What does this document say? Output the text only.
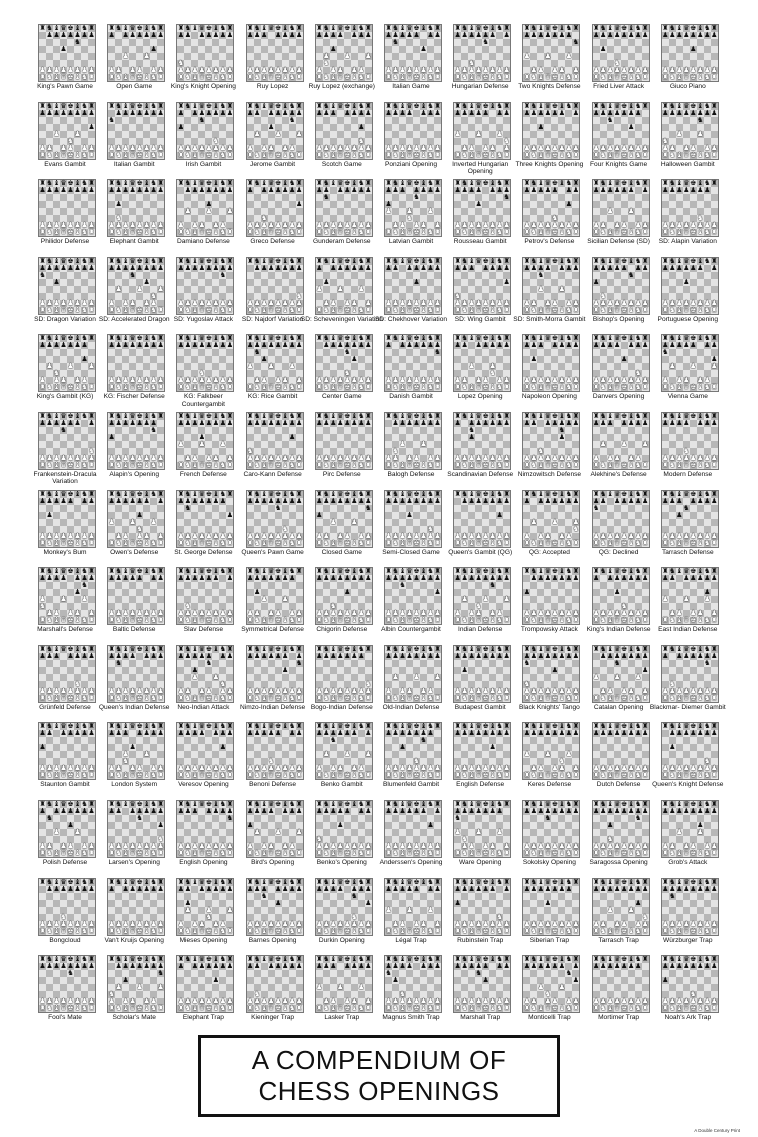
♜ ♞ ♝ ♛ ♚ ♝ ♞ ♜
♟ ♟ ♟ ♟ ♟ ♟ ♟
♞
♟
♟ ♟ ♟ ♟ ♟ ♟ ♟ ♟
♜ ♞ ♝ ♛ ♚ ♝ ♞ ♜
King's Pawn Game
♜ ♞ ♝ ♛ ♚ ♝ ♞ ♜
♟ ♟ ♟ ♟ ♟ ♟ ♟
♟
♟ ♟
♟ ♟ ♟ ♟ ♟ ♟
♜ ♞ ♝ ♛ ♚ ♝ ♞ ♜
Open Game
♜ ♞ ♝ ♛ ♚ ♝ ♞ ♜
♟ ♟ ♟ ♟ ♟ ♟ ♟
♞
♟ ♟ ♟ ♟ ♟ ♟ ♟ ♟
♜ ♞ ♝ ♛ ♚ ♝ ♞ ♜
King's Knight Opening
♜ ♞ ♝ ♛ ♚ ♝ ♞ ♜
♟ ♟ ♟ ♟ ♟ ♟ ♟
♟ ♟ ♟ ♟ ♟ ♟ ♟ ♟
♜ ♞ ♝ ♛ ♚ ♝ ♞ ♜
Ruy Lopez
♜ ♞ ♝ ♛ ♚ ♝ ♞ ♜
♟ ♟ ♟ ♟ ♟ ♟ ♟
♟
♟ ♟ ♟
♞
♟ ♟ ♟ ♟ ♟
♜ ♞ ♝ ♛ ♚ ♝ ♞ ♜
Ruy Lopez (exchange)
♜ ♞ ♝ ♛ ♚ ♝ ♞ ♜
♟ ♟ ♟ ♟ ♟ ♟ ♟
♞
♟
♟ ♟ ♟ ♟ ♟ ♟ ♟ ♟
♜ ♞ ♝ ♛ ♚ ♝ ♞ ♜
Italian Game
♜ ♞ ♝ ♛ ♚ ♝ ♞ ♜
♟ ♟ ♟ ♟ ♟ ♟ ♟
♞
♞
♟ ♟ ♟ ♟ ♟ ♟ ♟ ♟
♜ ♞ ♝ ♛ ♚ ♝ ♞ ♜
Hungarian Defense
♜ ♞ ♝ ♛ ♚ ♝ ♞ ♜
♟ ♟ ♟ ♟ ♟ ♟ ♟
♞
♟ ♟ ♟
♟ ♟ ♟ ♟ ♟
♜ ♞ ♝ ♛ ♚ ♝ ♞ ♜
Two Knights Defense
♜ ♞ ♝ ♛ ♚ ♝ ♞ ♜
♟ ♟ ♟ ♟ ♟ ♟ ♟ ♟
♟
♞
♟ ♟ ♟ ♟ ♟ ♟ ♟ ♟
♜ ♞ ♝ ♛ ♚ ♝ ♞ ♜
Fried Liver Attack
♜ ♞ ♝ ♛ ♚ ♝ ♞ ♜
♟ ♟ ♟ ♟ ♟ ♟ ♟ ♟
♟
♟ ♟ ♟ ♟ ♟ ♟ ♟ ♟
♜ ♞ ♝ ♛ ♚ ♝ ♞ ♜
Giuco Piano
♜ ♞ ♝ ♛ ♚ ♝ ♞ ♜
♟ ♟ ♟ ♟ ♟ ♟ ♟ ♟
♟
♟ ♟
♞
♟ ♟ ♟ ♟ ♟ ♟
♜ ♞ ♝ ♛ ♚ ♝ ♞ ♜
Evans Gambit
♜ ♞ ♝ ♛ ♚ ♝ ♞ ♜
♟ ♟ ♟ ♟ ♟ ♟ ♟
♞
♟ ♟ ♟ ♟ ♟ ♟ ♟ ♟
♜ ♞ ♝ ♛ ♚ ♝ ♞ ♜
Italian Gambit
♜ ♞ ♝ ♛ ♚ ♝ ♞ ♜
♟ ♟ ♟ ♟ ♟ ♟ ♟
♞
♟
♞
♟ ♟ ♟ ♟ ♟ ♟ ♟ ♟
♜ ♞ ♝ ♛ ♚ ♝ ♞ ♜
Irish Gambit
♜ ♞ ♝ ♛ ♚ ♝ ♞ ♜
♟ ♟ ♟ ♟ ♟ ♟ ♟
♞
♟
♟ ♟ ♟
♟ ♟ ♟ ♟ ♟
♜ ♞ ♝ ♛ ♚ ♝ ♞ ♜
Jerome Gambit
♜ ♞ ♝ ♛ ♚ ♝ ♞ ♜
♟ ♟ ♟ ♟ ♟ ♟ ♟
♟
♞
♟ ♟ ♟ ♟ ♟ ♟ ♟ ♟
♜ ♞ ♝ ♛ ♚ ♝ ♞ ♜
Scotch Game
♜ ♞ ♝ ♛ ♚ ♝ ♞ ♜
♟ ♟ ♟ ♟ ♟ ♟ ♟
♟ ♟ ♟ ♟ ♟ ♟ ♟ ♟
♜ ♞ ♝ ♛ ♚ ♝ ♞ ♜
Ponziani Opening
♜ ♞ ♝ ♛ ♚ ♝ ♞ ♜
♟ ♟ ♟ ♟ ♟ ♟ ♟
♟ ♟ ♟
♞
♟ ♟ ♟ ♟ ♟
♜ ♞ ♝ ♛ ♚ ♝ ♞ ♜
Inverted Hungarian Opening
♜ ♞ ♝ ♛ ♚ ♝ ♞ ♜
♟ ♟ ♟ ♟ ♟ ♟ ♟
♟
♟ ♟ ♟ ♟ ♟ ♟ ♟ ♟
♜ ♞ ♝ ♛ ♚ ♝ ♞ ♜
Three Knights Opening
♜ ♞ ♝ ♛ ♚ ♝ ♞ ♜
♟ ♟ ♟ ♟ ♟ ♟ ♟
♞
♟
♟ ♟ ♟ ♟ ♟ ♟ ♟ ♟
♜ ♞ ♝ ♛ ♚ ♝ ♞ ♜
Four Knights Game
♜ ♞ ♝ ♛ ♚ ♝ ♞ ♜
♟ ♟ ♟ ♟ ♟ ♟ ♟ ♟
♞
♟ ♟
♞
♟ ♟ ♟ ♟ ♟ ♟
♜ ♞ ♝ ♛ ♚ ♝ ♞ ♜
Halloween Gambit
♜ ♞ ♝ ♛ ♚ ♝ ♞ ♜
♟ ♟ ♟ ♟ ♟ ♟ ♟ ♟
♟ ♟ ♟ ♟ ♟ ♟ ♟ ♟
♜ ♞ ♝ ♛ ♚ ♝ ♞ ♜
Philidor Defense
♜ ♞ ♝ ♛ ♚ ♝ ♞ ♜
♟ ♟ ♟ ♟ ♟ ♟ ♟ ♟
♟
♞
♟ ♟ ♟ ♟ ♟ ♟ ♟ ♟
♜ ♞ ♝ ♛ ♚ ♝ ♞ ♜
Elephant Gambit
♜ ♞ ♝ ♛ ♚ ♝ ♞ ♜
♟ ♟ ♟ ♟ ♟ ♟ ♟
♟
♟ ♟ ♟
♟ ♟ ♟ ♟ ♟
♜ ♞ ♝ ♛ ♚ ♝ ♞ ♜
Damiano Defense
♜ ♞ ♝ ♛ ♚ ♝ ♞ ♜
♟ ♟ ♟ ♟ ♟ ♟ ♟
♟
♞
♟ ♟ ♟ ♟ ♟ ♟ ♟ ♟
♜ ♞ ♝ ♛ ♚ ♝ ♞ ♜
Greco Defense
♜ ♞ ♝ ♛ ♚ ♝ ♞ ♜
♟ ♟ ♟ ♟ ♟ ♟ ♟
♞
♟ ♟ ♟ ♟ ♟ ♟ ♟ ♟
♜ ♞ ♝ ♛ ♚ ♝ ♞ ♜
Gunderam Defense
♜ ♞ ♝ ♛ ♚ ♝ ♞ ♜
♟ ♟ ♟ ♟ ♟ ♟ ♟
♞
♟
♟ ♟ ♟
♞
♟ ♟ ♟ ♟ ♟
♜ ♞ ♝ ♛ ♚ ♝ ♞ ♜
Latvian Gambit
♜ ♞ ♝ ♛ ♚ ♝ ♞ ♜
♟ ♟ ♟ ♟ ♟ ♟ ♟
♞
♟
♟ ♟ ♟ ♟ ♟ ♟ ♟ ♟
♜ ♞ ♝ ♛ ♚ ♝ ♞ ♜
Rousseau Gambit
♜ ♞ ♝ ♛ ♚ ♝ ♞ ♜
♟ ♟ ♟ ♟ ♟ ♟ ♟
♟
♞
♟ ♟ ♟ ♟ ♟ ♟ ♟ ♟
♜ ♞ ♝ ♛ ♚ ♝ ♞ ♜
Petrov's Defense
♜ ♞ ♝ ♛ ♚ ♝ ♞ ♜
♟ ♟ ♟ ♟ ♟ ♟ ♟
♟ ♟
♟ ♟ ♟ ♟ ♟ ♟
♜ ♞ ♝ ♛ ♚ ♝ ♞ ♜
Sicilian Defense (SD)
♜ ♞ ♝ ♛ ♚ ♝ ♞ ♜
♟ ♟ ♟ ♟ ♟ ♟ ♟
♞
♟ ♟ ♟ ♟ ♟ ♟ ♟ ♟
♜ ♞ ♝ ♛ ♚ ♝ ♞ ♜
SD: Alapin Variation
♜ ♞ ♝ ♛ ♚ ♝ ♞ ♜
♟ ♟ ♟ ♟ ♟ ♟ ♟ ♟
♞
♟
♟ ♟ ♟ ♟ ♟ ♟ ♟ ♟
♜ ♞ ♝ ♛ ♚ ♝ ♞ ♜
SD: Dragon Variation
♜ ♞ ♝ ♛ ♚ ♝ ♞ ♜
♟ ♟ ♟ ♟ ♟ ♟ ♟ ♟
♞
♟
♟ ♟ ♟
♞
♟ ♟ ♟ ♟ ♟
♜ ♞ ♝ ♛ ♚ ♝ ♞ ♜
SD: Accelerated Dragon
♜ ♞ ♝ ♛ ♚ ♝ ♞ ♜
♟ ♟ ♟ ♟ ♟ ♟ ♟ ♟
♞
♟ ♟ ♟ ♟ ♟ ♟ ♟ ♟
♜ ♞ ♝ ♛ ♚ ♝ ♞ ♜
SD: Yugoslav Attack
♜ ♞ ♝ ♛ ♚ ♝ ♞ ♜
♟ ♟ ♟ ♟ ♟ ♟ ♟
♞
♟ ♟ ♟ ♟ ♟ ♟ ♟ ♟
♜ ♞ ♝ ♛ ♚ ♝ ♞ ♜
SD: Najdorf Variation
♜ ♞ ♝ ♛ ♚ ♝ ♞ ♜
♟ ♟ ♟ ♟ ♟ ♟ ♟
♟
♟ ♟ ♟
♟ ♟ ♟ ♟ ♟
♜ ♞ ♝ ♛ ♚ ♝ ♞ ♜
SD: Scheveningen Variation
♜ ♞ ♝ ♛ ♚ ♝ ♞ ♜
♟ ♟ ♟ ♟ ♟ ♟ ♟
♟
♟ ♟ ♟ ♟ ♟ ♟ ♟ ♟
♜ ♞ ♝ ♛ ♚ ♝ ♞ ♜
SD: Chekhover Variation
♜ ♞ ♝ ♛ ♚ ♝ ♞ ♜
♟ ♟ ♟ ♟ ♟ ♟ ♟
♟
♞
♟ ♟ ♟ ♟ ♟ ♟ ♟ ♟
♜ ♞ ♝ ♛ ♚ ♝ ♞ ♜
SD: Wing Gambit
♜ ♞ ♝ ♛ ♚ ♝ ♞ ♜
♟ ♟ ♟ ♟ ♟ ♟ ♟
♞
♟ ♟
♟ ♟ ♟ ♟ ♟ ♟
♜ ♞ ♝ ♛ ♚ ♝ ♞ ♜
SD: Smith-Morra Gambit
♜ ♞ ♝ ♛ ♚ ♝ ♞ ♜
♟ ♟ ♟ ♟ ♟ ♟ ♟
♞
♟
♞
♟ ♟ ♟ ♟ ♟ ♟ ♟ ♟
♜ ♞ ♝ ♛ ♚ ♝ ♞ ♜
Bishop's Opening
♜ ♞ ♝ ♛ ♚ ♝ ♞ ♜
♟ ♟ ♟ ♟ ♟ ♟ ♟
♟
♟ ♟ ♟ ♟ ♟ ♟ ♟ ♟
♜ ♞ ♝ ♛ ♚ ♝ ♞ ♜
Portuguese Opening
♜ ♞ ♝ ♛ ♚ ♝ ♞ ♜
♟ ♟ ♟ ♟ ♟ ♟ ♟
♟
♟ ♟ ♟
♞
♟ ♟ ♟ ♟ ♟
♜ ♞ ♝ ♛ ♚ ♝ ♞ ♜
King's Gambit (KG)
♜ ♞ ♝ ♛ ♚ ♝ ♞ ♜
♟ ♟ ♟ ♟ ♟ ♟ ♟ ♟
♟ ♟ ♟ ♟ ♟ ♟ ♟ ♟
♜ ♞ ♝ ♛ ♚ ♝ ♞ ♜
KG: Fischer Defense
♜ ♞ ♝ ♛ ♚ ♝ ♞ ♜
♟ ♟ ♟ ♟ ♟ ♟ ♟ ♟
♞
♟ ♟ ♟ ♟ ♟ ♟ ♟ ♟
♜ ♞ ♝ ♛ ♚ ♝ ♞ ♜
KG: Falkbeer Countergambit
♜ ♞ ♝ ♛ ♚ ♝ ♞ ♜
♟ ♟ ♟ ♟ ♟ ♟ ♟ ♟
♞
♟
♟ ♟ ♟
♟ ♟ ♟ ♟ ♟
♜ ♞ ♝ ♛ ♚ ♝ ♞ ♜
KG: Rice Gambit
♜ ♞ ♝ ♛ ♚ ♝ ♞ ♜
♟ ♟ ♟ ♟ ♟ ♟ ♟
♞
♟
♞
♟ ♟ ♟ ♟ ♟ ♟ ♟ ♟
♜ ♞ ♝ ♛ ♚ ♝ ♞ ♜
Center Game
♜ ♞ ♝ ♛ ♚ ♝ ♞ ♜
♟ ♟ ♟ ♟ ♟ ♟ ♟
♞
♟ ♟ ♟ ♟ ♟ ♟ ♟ ♟
♜ ♞ ♝ ♛ ♚ ♝ ♞ ♜
Danish Gambit
♜ ♞ ♝ ♛ ♚ ♝ ♞ ♜
♟ ♟ ♟ ♟ ♟ ♟ ♟
♟ ♟
♞
♟ ♟ ♟ ♟ ♟ ♟
♜ ♞ ♝ ♛ ♚ ♝ ♞ ♜
Lopez Opening
♜ ♞ ♝ ♛ ♚ ♝ ♞ ♜
♟ ♟ ♟ ♟ ♟ ♟ ♟
♟
♟ ♟ ♟ ♟ ♟ ♟ ♟ ♟
♜ ♞ ♝ ♛ ♚ ♝ ♞ ♜
Napoleon Opening
♜ ♞ ♝ ♛ ♚ ♝ ♞ ♜
♟ ♟ ♟ ♟ ♟ ♟ ♟
♟
♞
♟ ♟ ♟ ♟ ♟ ♟ ♟ ♟
♜ ♞ ♝ ♛ ♚ ♝ ♞ ♜
Danvers Opening
♜ ♞ ♝ ♛ ♚ ♝ ♞ ♜
♟ ♟ ♟ ♟ ♟ ♟ ♟
♞
♟
♟ ♟ ♟
♟ ♟ ♟ ♟ ♟
♜ ♞ ♝ ♛ ♚ ♝ ♞ ♜
Vienna Game
♜ ♞ ♝ ♛ ♚ ♝ ♞ ♜
♟ ♟ ♟ ♟ ♟ ♟ ♟
♞
♞
♟ ♟ ♟ ♟ ♟ ♟ ♟ ♟
♜ ♞ ♝ ♛ ♚ ♝ ♞ ♜
Frankenstein-Dracula Variation
♜ ♞ ♝ ♛ ♚ ♝ ♞ ♜
♟ ♟ ♟ ♟ ♟ ♟ ♟
♞
♟
♟ ♟ ♟ ♟ ♟ ♟ ♟ ♟
♜ ♞ ♝ ♛ ♚ ♝ ♞ ♜
Alapin's Opening
♜ ♞ ♝ ♛ ♚ ♝ ♞ ♜
♟ ♟ ♟ ♟ ♟ ♟ ♟ ♟
♟
♟ ♟ ♟
♟ ♟ ♟ ♟ ♟
♜ ♞ ♝ ♛ ♚ ♝ ♞ ♜
French Defense
♜ ♞ ♝ ♛ ♚ ♝ ♞ ♜
♟ ♟ ♟ ♟ ♟ ♟ ♟ ♟
♟
♞
♟ ♟ ♟ ♟ ♟ ♟ ♟ ♟
♜ ♞ ♝ ♛ ♚ ♝ ♞ ♜
Caro-Kann Defense
♜ ♞ ♝ ♛ ♚ ♝ ♞ ♜
♟ ♟ ♟ ♟ ♟ ♟ ♟ ♟
♟ ♟ ♟ ♟ ♟ ♟ ♟ ♟
♜ ♞ ♝ ♛ ♚ ♝ ♞ ♜
Pirc Defense
♜ ♞ ♝ ♛ ♚ ♝ ♞ ♜
♟ ♟ ♟ ♟ ♟ ♟ ♟
♟ ♟
♞
♟ ♟ ♟ ♟ ♟ ♟
♜ ♞ ♝ ♛ ♚ ♝ ♞ ♜
Balogh Defense
♜ ♞ ♝ ♛ ♚ ♝ ♞ ♜
♟ ♟ ♟ ♟ ♟ ♟ ♟
♞
♟
♟ ♟ ♟ ♟ ♟ ♟ ♟ ♟
♜ ♞ ♝ ♛ ♚ ♝ ♞ ♜
Scandinavian Defense
♜ ♞ ♝ ♛ ♚ ♝ ♞ ♜
♟ ♟ ♟ ♟ ♟ ♟ ♟
♞
♟
♞
♟ ♟ ♟ ♟ ♟ ♟ ♟ ♟
♜ ♞ ♝ ♛ ♚ ♝ ♞ ♜
Nimzowitsch Defense
♜ ♞ ♝ ♛ ♚ ♝ ♞ ♜
♟ ♟ ♟ ♟ ♟ ♟ ♟
♟ ♟ ♟
♟ ♟ ♟ ♟ ♟
♜ ♞ ♝ ♛ ♚ ♝ ♞ ♜
Alekhine's Defense
♜ ♞ ♝ ♛ ♚ ♝ ♞ ♜
♟ ♟ ♟ ♟ ♟ ♟ ♟
♞
♟ ♟ ♟ ♟ ♟ ♟ ♟ ♟
♜ ♞ ♝ ♛ ♚ ♝ ♞ ♜
Modern Defense
♜ ♞ ♝ ♛ ♚ ♝ ♞ ♜
♟ ♟ ♟ ♟ ♟ ♟ ♟
♟
♟ ♟ ♟ ♟ ♟ ♟ ♟ ♟
♜ ♞ ♝ ♛ ♚ ♝ ♞ ♜
Monkey's Bum
♜ ♞ ♝ ♛ ♚ ♝ ♞ ♜
♟ ♟ ♟ ♟ ♟ ♟ ♟
♟
♟ ♟ ♟
♞
♟ ♟ ♟ ♟ ♟
♜ ♞ ♝ ♛ ♚ ♝ ♞ ♜
Owen's Defense
♜ ♞ ♝ ♛ ♚ ♝ ♞ ♜
♟ ♟ ♟ ♟ ♟ ♟ ♟
♞
♟
♟ ♟ ♟ ♟ ♟ ♟ ♟ ♟
♜ ♞ ♝ ♛ ♚ ♝ ♞ ♜
St. George Defense
♜ ♞ ♝ ♛ ♚ ♝ ♞ ♜
♟ ♟ ♟ ♟ ♟ ♟ ♟ ♟
♞
♞
♟ ♟ ♟ ♟ ♟ ♟ ♟ ♟
♜ ♞ ♝ ♛ ♚ ♝ ♞ ♜
Queen's Pawn Game
♜ ♞ ♝ ♛ ♚ ♝ ♞ ♜
♟ ♟ ♟ ♟ ♟ ♟ ♟ ♟
♞
♟
♟ ♟
♟ ♟ ♟ ♟ ♟ ♟
♜ ♞ ♝ ♛ ♚ ♝ ♞ ♜
Closed Game
♜ ♞ ♝ ♛ ♚ ♝ ♞ ♜
♟ ♟ ♟ ♟ ♟ ♟ ♟ ♟
♟
♞
♟ ♟ ♟ ♟ ♟ ♟ ♟ ♟
♜ ♞ ♝ ♛ ♚ ♝ ♞ ♜
Semi-Closed Game
♜ ♞ ♝ ♛ ♚ ♝ ♞ ♜
♟ ♟ ♟ ♟ ♟ ♟ ♟
♟
♟ ♟ ♟ ♟ ♟ ♟ ♟ ♟
♜ ♞ ♝ ♛ ♚ ♝ ♞ ♜
Queen's Gambit (QG)
♜ ♞ ♝ ♛ ♚ ♝ ♞ ♜
♟ ♟ ♟ ♟ ♟ ♟ ♟
♟ ♟ ♟
♞
♟ ♟ ♟ ♟ ♟
♜ ♞ ♝ ♛ ♚ ♝ ♞ ♜
QG: Accepted
♜ ♞ ♝ ♛ ♚ ♝ ♞ ♜
♟ ♟ ♟ ♟ ♟ ♟ ♟
♞
♟ ♟ ♟ ♟ ♟ ♟ ♟ ♟
♜ ♞ ♝ ♛ ♚ ♝ ♞ ♜
QG: Declined
♜ ♞ ♝ ♛ ♚ ♝ ♞ ♜
♟ ♟ ♟ ♟ ♟ ♟ ♟
♞
♟
♟ ♟ ♟ ♟ ♟ ♟ ♟ ♟
♜ ♞ ♝ ♛ ♚ ♝ ♞ ♜
Tarrasch Defense
♜ ♞ ♝ ♛ ♚ ♝ ♞ ♜
♟ ♟ ♟ ♟ ♟ ♟ ♟
♞
♟
♟ ♟ ♟
♞
♟ ♟ ♟ ♟ ♟
♜ ♞ ♝ ♛ ♚ ♝ ♞ ♜
Marshall's Defense
♜ ♞ ♝ ♛ ♚ ♝ ♞ ♜
♟ ♟ ♟ ♟ ♟ ♟ ♟
♟ ♟ ♟ ♟ ♟ ♟ ♟ ♟
♜ ♞ ♝ ♛ ♚ ♝ ♞ ♜
Baltic Defense
♜ ♞ ♝ ♛ ♚ ♝ ♞ ♜
♟ ♟ ♟ ♟ ♟ ♟ ♟
♞
♟ ♟ ♟ ♟ ♟ ♟ ♟ ♟
♜ ♞ ♝ ♛ ♚ ♝ ♞ ♜
Slav Defense
♜ ♞ ♝ ♛ ♚ ♝ ♞ ♜
♟ ♟ ♟ ♟ ♟ ♟ ♟
♟
♟ ♟
♟ ♟ ♟ ♟ ♟ ♟
♜ ♞ ♝ ♛ ♚ ♝ ♞ ♜
Symmetrical Defense
♜ ♞ ♝ ♛ ♚ ♝ ♞ ♜
♟ ♟ ♟ ♟ ♟ ♟ ♟ ♟
♟
♞
♟ ♟ ♟ ♟ ♟ ♟ ♟ ♟
♜ ♞ ♝ ♛ ♚ ♝ ♞ ♜
Chigorin Defense
♜ ♞ ♝ ♛ ♚ ♝ ♞ ♜
♟ ♟ ♟ ♟ ♟ ♟ ♟ ♟
♞
♟
♟ ♟ ♟ ♟ ♟ ♟ ♟ ♟
♜ ♞ ♝ ♛ ♚ ♝ ♞ ♜
Albin Countergambit
♜ ♞ ♝ ♛ ♚ ♝ ♞ ♜
♟ ♟ ♟ ♟ ♟ ♟ ♟ ♟
♞
♟ ♟ ♟
♞
♟ ♟ ♟ ♟ ♟
♜ ♞ ♝ ♛ ♚ ♝ ♞ ♜
Indian Defense
♜ ♞ ♝ ♛ ♚ ♝ ♞ ♜
♟ ♟ ♟ ♟ ♟ ♟ ♟
♟
♟ ♟ ♟ ♟ ♟ ♟ ♟ ♟
♜ ♞ ♝ ♛ ♚ ♝ ♞ ♜
Trompowsky Attack
♜ ♞ ♝ ♛ ♚ ♝ ♞ ♜
♟ ♟ ♟ ♟ ♟ ♟ ♟
♟
♞
♟ ♟ ♟ ♟ ♟ ♟ ♟ ♟
♜ ♞ ♝ ♛ ♚ ♝ ♞ ♜
King's Indian Defense
♜ ♞ ♝ ♛ ♚ ♝ ♞ ♜
♟ ♟ ♟ ♟ ♟ ♟ ♟
♟
♟ ♟ ♟
♟ ♟ ♟ ♟ ♟
♜ ♞ ♝ ♛ ♚ ♝ ♞ ♜
East Indian Defense
♜ ♞ ♝ ♛ ♚ ♝ ♞ ♜
♟ ♟ ♟ ♟ ♟ ♟ ♟
♞
♟ ♟ ♟ ♟ ♟ ♟ ♟ ♟
♜ ♞ ♝ ♛ ♚ ♝ ♞ ♜
Grünfeld Defense
♜ ♞ ♝ ♛ ♚ ♝ ♞ ♜
♟ ♟ ♟ ♟ ♟ ♟ ♟
♞
♟ ♟ ♟ ♟ ♟ ♟ ♟ ♟
♜ ♞ ♝ ♛ ♚ ♝ ♞ ♜
Queen's Indian Defense
♜ ♞ ♝ ♛ ♚ ♝ ♞ ♜
♟ ♟ ♟ ♟ ♟ ♟ ♟
♞
♟
♟ ♟
♞
♟ ♟ ♟ ♟ ♟ ♟
♜ ♞ ♝ ♛ ♚ ♝ ♞ ♜
Neo-Indian Attack
♜ ♞ ♝ ♛ ♚ ♝ ♞ ♜
♟ ♟ ♟ ♟ ♟ ♟ ♟
♞
♟
♟ ♟ ♟ ♟ ♟ ♟ ♟ ♟
♜ ♞ ♝ ♛ ♚ ♝ ♞ ♜
Nimzo-Indian Defense
♜ ♞ ♝ ♛ ♚ ♝ ♞ ♜
♟ ♟ ♟ ♟ ♟ ♟ ♟
♞
♟ ♟ ♟ ♟ ♟ ♟ ♟ ♟
♜ ♞ ♝ ♛ ♚ ♝ ♞ ♜
Bogo-Indian Defense
♜ ♞ ♝ ♛ ♚ ♝ ♞ ♜
♟ ♟ ♟ ♟ ♟ ♟ ♟ ♟
♟ ♟ ♟
♟ ♟ ♟ ♟ ♟
♜ ♞ ♝ ♛ ♚ ♝ ♞ ♜
Old-Indian Defense
♜ ♞ ♝ ♛ ♚ ♝ ♞ ♜
♟ ♟ ♟ ♟ ♟ ♟ ♟ ♟
♟
♟ ♟ ♟ ♟ ♟ ♟ ♟ ♟
♜ ♞ ♝ ♛ ♚ ♝ ♞ ♜
Budapest Gambit
♜ ♞ ♝ ♛ ♚ ♝ ♞ ♜
♟ ♟ ♟ ♟ ♟ ♟ ♟ ♟
♞
♟
♞
♟ ♟ ♟ ♟ ♟ ♟ ♟ ♟
♜ ♞ ♝ ♛ ♚ ♝ ♞ ♜
Black Knights' Tango
♜ ♞ ♝ ♛ ♚ ♝ ♞ ♜
♟ ♟ ♟ ♟ ♟ ♟ ♟
♞
♟
♟ ♟ ♟
♟ ♟ ♟ ♟ ♟
♜ ♞ ♝ ♛ ♚ ♝ ♞ ♜
Catalan Opening
♜ ♞ ♝ ♛ ♚ ♝ ♞ ♜
♟ ♟ ♟ ♟ ♟ ♟ ♟
♞
♞
♟ ♟ ♟ ♟ ♟ ♟ ♟ ♟
♜ ♞ ♝ ♛ ♚ ♝ ♞ ♜
Blackmar- Diemer Gambit
♜ ♞ ♝ ♛ ♚ ♝ ♞ ♜
♟ ♟ ♟ ♟ ♟ ♟ ♟
♟
♟ ♟ ♟ ♟ ♟ ♟ ♟ ♟
♜ ♞ ♝ ♛ ♚ ♝ ♞ ♜
Staunton Gambit
♜ ♞ ♝ ♛ ♚ ♝ ♞ ♜
♟ ♟ ♟ ♟ ♟ ♟ ♟
♟
♟ ♟
♞
♟ ♟ ♟ ♟ ♟ ♟
♜ ♞ ♝ ♛ ♚ ♝ ♞ ♜
London System
♜ ♞ ♝ ♛ ♚ ♝ ♞ ♜
♟ ♟ ♟ ♟ ♟ ♟ ♟
♟
♟ ♟ ♟ ♟ ♟ ♟ ♟ ♟
♜ ♞ ♝ ♛ ♚ ♝ ♞ ♜
Veresov Opening
♜ ♞ ♝ ♛ ♚ ♝ ♞ ♜
♟ ♟ ♟ ♟ ♟ ♟ ♟
♞
♟ ♟ ♟ ♟ ♟ ♟ ♟ ♟
♜ ♞ ♝ ♛ ♚ ♝ ♞ ♜
Benoni Defense
♜ ♞ ♝ ♛ ♚ ♝ ♞ ♜
♟ ♟ ♟ ♟ ♟ ♟ ♟
♞
♟ ♟ ♟
♟ ♟ ♟ ♟ ♟
♜ ♞ ♝ ♛ ♚ ♝ ♞ ♜
Benko Gambit
♜ ♞ ♝ ♛ ♚ ♝ ♞ ♜
♟ ♟ ♟ ♟ ♟ ♟ ♟
♞
♟
♞
♟ ♟ ♟ ♟ ♟ ♟ ♟ ♟
♜ ♞ ♝ ♛ ♚ ♝ ♞ ♜
Blumenfeld Gambit
♜ ♞ ♝ ♛ ♚ ♝ ♞ ♜
♟ ♟ ♟ ♟ ♟ ♟ ♟ ♟
♟
♟ ♟ ♟ ♟ ♟ ♟ ♟ ♟
♜ ♞ ♝ ♛ ♚ ♝ ♞ ♜
English Defense
♜ ♞ ♝ ♛ ♚ ♝ ♞ ♜
♟ ♟ ♟ ♟ ♟ ♟ ♟ ♟
♟ ♟ ♟
♞
♟ ♟ ♟ ♟ ♟
♜ ♞ ♝ ♛ ♚ ♝ ♞ ♜
Keres Defense
♜ ♞ ♝ ♛ ♚ ♝ ♞ ♜
♟ ♟ ♟ ♟ ♟ ♟ ♟ ♟
♟ ♟ ♟ ♟ ♟ ♟ ♟ ♟
♜ ♞ ♝ ♛ ♚ ♝ ♞ ♜
Dutch Defense
♜ ♞ ♝ ♛ ♚ ♝ ♞ ♜
♟ ♟ ♟ ♟ ♟ ♟ ♟
♟
♞
♟ ♟ ♟ ♟ ♟ ♟ ♟ ♟
♜ ♞ ♝ ♛ ♚ ♝ ♞ ♜
Queen's Knight Defense
♜ ♞ ♝ ♛ ♚ ♝ ♞ ♜
♟ ♟ ♟ ♟ ♟ ♟ ♟
♞
♟
♟ ♟
♟ ♟ ♟ ♟ ♟ ♟
♜ ♞ ♝ ♛ ♚ ♝ ♞ ♜
Polish Defense
♜ ♞ ♝ ♛ ♚ ♝ ♞ ♜
♟ ♟ ♟ ♟ ♟ ♟ ♟
♞
♟
♞
♟ ♟ ♟ ♟ ♟ ♟ ♟ ♟
♜ ♞ ♝ ♛ ♚ ♝ ♞ ♜
Larsen's Opening
♜ ♞ ♝ ♛ ♚ ♝ ♞ ♜
♟ ♟ ♟ ♟ ♟ ♟ ♟
♞
♟ ♟ ♟ ♟ ♟ ♟ ♟ ♟
♜ ♞ ♝ ♛ ♚ ♝ ♞ ♜
English Opening
♜ ♞ ♝ ♛ ♚ ♝ ♞ ♜
♟ ♟ ♟ ♟ ♟ ♟ ♟
♟
♟ ♟ ♟
♟ ♟ ♟ ♟ ♟
♜ ♞ ♝ ♛ ♚ ♝ ♞ ♜
Bird's Opening
♜ ♞ ♝ ♛ ♚ ♝ ♞ ♜
♟ ♟ ♟ ♟ ♟ ♟ ♟
♟
♞
♟ ♟ ♟ ♟ ♟ ♟ ♟ ♟
♜ ♞ ♝ ♛ ♚ ♝ ♞ ♜
Benko's Opening
♜ ♞ ♝ ♛ ♚ ♝ ♞ ♜
♟ ♟ ♟ ♟ ♟ ♟ ♟
♟
♟ ♟ ♟ ♟ ♟ ♟ ♟ ♟
♜ ♞ ♝ ♛ ♚ ♝ ♞ ♜
Anderssen's Opening
♜ ♞ ♝ ♛ ♚ ♝ ♞ ♜
♟ ♟ ♟ ♟ ♟ ♟ ♟
♞
♟ ♟ ♟
♞
♟ ♟ ♟ ♟ ♟
♜ ♞ ♝ ♛ ♚ ♝ ♞ ♜
Ware Opening
♜ ♞ ♝ ♛ ♚ ♝ ♞ ♜
♟ ♟ ♟ ♟ ♟ ♟ ♟ ♟
♞
♟ ♟ ♟ ♟ ♟ ♟ ♟ ♟
♜ ♞ ♝ ♛ ♚ ♝ ♞ ♜
Sokolsky Opening
♜ ♞ ♝ ♛ ♚ ♝ ♞ ♜
♟ ♟ ♟ ♟ ♟ ♟ ♟ ♟
♞
♟
♞
♟ ♟ ♟ ♟ ♟ ♟ ♟ ♟
♜ ♞ ♝ ♛ ♚ ♝ ♞ ♜
Saragossa Opening
♜ ♞ ♝ ♛ ♚ ♝ ♞ ♜
♟ ♟ ♟ ♟ ♟ ♟ ♟ ♟
♟
♟ ♟
♟ ♟ ♟ ♟ ♟ ♟
♜ ♞ ♝ ♛ ♚ ♝ ♞ ♜
Grob's Attack
♜ ♞ ♝ ♛ ♚ ♝ ♞ ♜
♟ ♟ ♟ ♟ ♟ ♟ ♟
♞
♟ ♟ ♟ ♟ ♟ ♟ ♟ ♟
♜ ♞ ♝ ♛ ♚ ♝ ♞ ♜
Bongcloud
♜ ♞ ♝ ♛ ♚ ♝ ♞ ♜
♟ ♟ ♟ ♟ ♟ ♟ ♟
♟ ♟ ♟ ♟ ♟ ♟ ♟ ♟
♜ ♞ ♝ ♛ ♚ ♝ ♞ ♜
Van't Kruijs Opening
♜ ♞ ♝ ♛ ♚ ♝ ♞ ♜
♟ ♟ ♟ ♟ ♟ ♟ ♟
♟
♟ ♟ ♟
♞
♟ ♟ ♟ ♟ ♟
♜ ♞ ♝ ♛ ♚ ♝ ♞ ♜
Mieses Opening
♜ ♞ ♝ ♛ ♚ ♝ ♞ ♜
♟ ♟ ♟ ♟ ♟ ♟ ♟
♞
♟
♟ ♟ ♟ ♟ ♟ ♟ ♟ ♟
♜ ♞ ♝ ♛ ♚ ♝ ♞ ♜
Barnes Opening
♜ ♞ ♝ ♛ ♚ ♝ ♞ ♜
♟ ♟ ♟ ♟ ♟ ♟ ♟
♞
♟
♞
♟ ♟ ♟ ♟ ♟ ♟ ♟ ♟
♜ ♞ ♝ ♛ ♚ ♝ ♞ ♜
Durkin Opening
♜ ♞ ♝ ♛ ♚ ♝ ♞ ♜
♟ ♟ ♟ ♟ ♟ ♟ ♟
♟ ♟ ♟
♟ ♟ ♟ ♟ ♟
♜ ♞ ♝ ♛ ♚ ♝ ♞ ♜
Légal Trap
♜ ♞ ♝ ♛ ♚ ♝ ♞ ♜
♟ ♟ ♟ ♟ ♟ ♟ ♟
♟
♞
♟ ♟ ♟ ♟ ♟ ♟ ♟ ♟
♜ ♞ ♝ ♛ ♚ ♝ ♞ ♜
Rubinstein Trap
♜ ♞ ♝ ♛ ♚ ♝ ♞ ♜
♟ ♟ ♟ ♟ ♟ ♟ ♟
♟
♟ ♟ ♟ ♟ ♟ ♟ ♟ ♟
♜ ♞ ♝ ♛ ♚ ♝ ♞ ♜
Siberian Trap
♜ ♞ ♝ ♛ ♚ ♝ ♞ ♜
♟ ♟ ♟ ♟ ♟ ♟ ♟ ♟
♟
♟ ♟
♞
♟ ♟ ♟ ♟ ♟ ♟
♜ ♞ ♝ ♛ ♚ ♝ ♞ ♜
Tarrasch Trap
♜ ♞ ♝ ♛ ♚ ♝ ♞ ♜
♟ ♟ ♟ ♟ ♟ ♟ ♟ ♟
♞
♟ ♟ ♟ ♟ ♟ ♟ ♟ ♟
♜ ♞ ♝ ♛ ♚ ♝ ♞ ♜
Würzburger Trap
♜ ♞ ♝ ♛ ♚ ♝ ♞ ♜
♟ ♟ ♟ ♟ ♟ ♟ ♟ ♟
♞
♟ ♟ ♟ ♟ ♟ ♟ ♟ ♟
♜ ♞ ♝ ♛ ♚ ♝ ♞ ♜
Fool's Mate
♜ ♞ ♝ ♛ ♚ ♝ ♞ ♜
♟ ♟ ♟ ♟ ♟ ♟ ♟
♞
♟
♟ ♟ ♟
♞
♟ ♟ ♟ ♟ ♟
♜ ♞ ♝ ♛ ♚ ♝ ♞ ♜
Scholar's Mate
♜ ♞ ♝ ♛ ♚ ♝ ♞ ♜
♟ ♟ ♟ ♟ ♟ ♟ ♟
♟
♟ ♟ ♟ ♟ ♟ ♟ ♟ ♟
♜ ♞ ♝ ♛ ♚ ♝ ♞ ♜
Elephant Trap
♜ ♞ ♝ ♛ ♚ ♝ ♞ ♜
♟ ♟ ♟ ♟ ♟ ♟ ♟
♞
♟ ♟ ♟ ♟ ♟ ♟ ♟ ♟
♜ ♞ ♝ ♛ ♚ ♝ ♞ ♜
Kieninger Trap
♜ ♞ ♝ ♛ ♚ ♝ ♞ ♜
♟ ♟ ♟ ♟ ♟ ♟ ♟
♟ ♟ ♟
♟ ♟ ♟ ♟ ♟
♜ ♞ ♝ ♛ ♚ ♝ ♞ ♜
Lasker Trap
♜ ♞ ♝ ♛ ♚ ♝ ♞ ♜
♟ ♟ ♟ ♟ ♟ ♟ ♟
♞
♟
♞
♟ ♟ ♟ ♟ ♟ ♟ ♟ ♟
♜ ♞ ♝ ♛ ♚ ♝ ♞ ♜
Magnus Smith Trap
♜ ♞ ♝ ♛ ♚ ♝ ♞ ♜
♟ ♟ ♟ ♟ ♟ ♟ ♟
♞
♟
♟ ♟ ♟ ♟ ♟ ♟ ♟ ♟
♜ ♞ ♝ ♛ ♚ ♝ ♞ ♜
Marshall Trap
♜ ♞ ♝ ♛ ♚ ♝ ♞ ♜
♟ ♟ ♟ ♟ ♟ ♟ ♟
♞
♟
♟ ♟
♞
♟ ♟ ♟ ♟ ♟ ♟
♜ ♞ ♝ ♛ ♚ ♝ ♞ ♜
Monticelli Trap
♜ ♞ ♝ ♛ ♚ ♝ ♞ ♜
♟ ♟ ♟ ♟ ♟ ♟ ♟
♟ ♟ ♟ ♟ ♟ ♟ ♟ ♟
♜ ♞ ♝ ♛ ♚ ♝ ♞ ♜
Mortimer Trap
♜ ♞ ♝ ♛ ♚ ♝ ♞ ♜
♟ ♟ ♟ ♟ ♟ ♟ ♟ ♟
♟
♞
♟ ♟ ♟ ♟ ♟ ♟ ♟ ♟
♜ ♞ ♝ ♛ ♚ ♝ ♞ ♜
Noah's Ark Trap
A COMPENDIUM OF
CHESS OPENINGS
A Double Century Print
